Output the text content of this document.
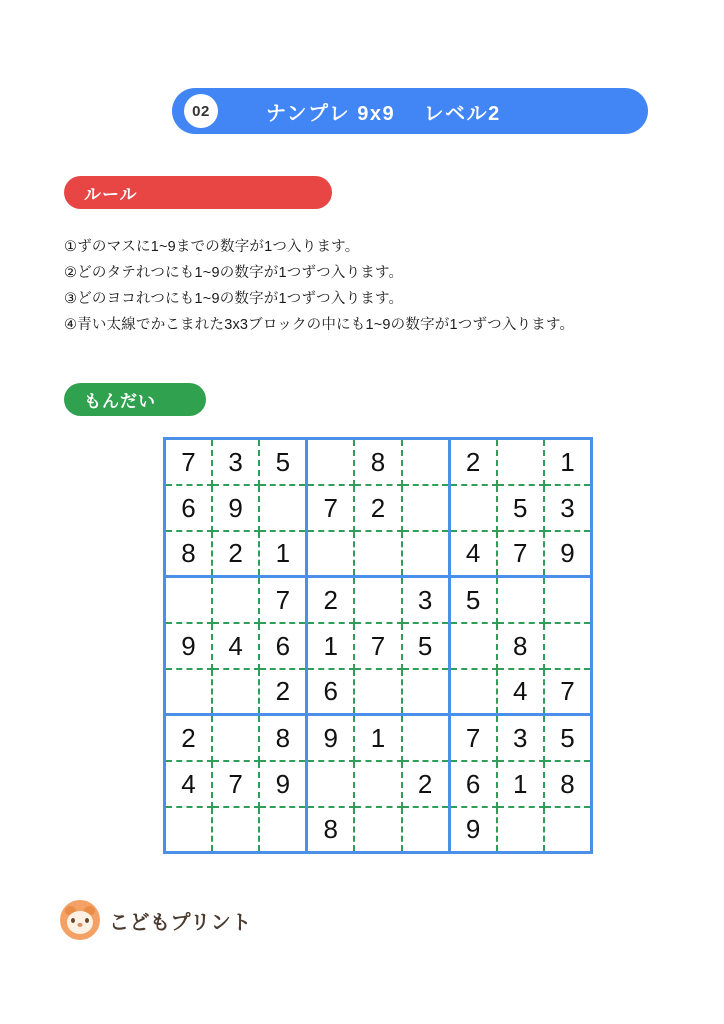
02	ナンプレ 9x9　 レベル2
ルール
①ずのマスに1~9までの数字が1つ入ります。
②どのタテれつにも1~9の数字が1つずつ入ります。
③どのヨコれつにも1~9の数字が1つずつ入ります。
④青い太線でかこまれた3x3ブロックの中にも1~9の数字が1つずつ入ります。
もんだい
7	3	5		8		2		1

6	9		7	2			5	3

8	2	1				4	7	9

		7	2		3	5		

9	4	6	1	7	5		8	

		2	6				4	7

2		8	9	1		7	3	5

4	7	9			2	6	1	8

			8			9		

こどもプリント
